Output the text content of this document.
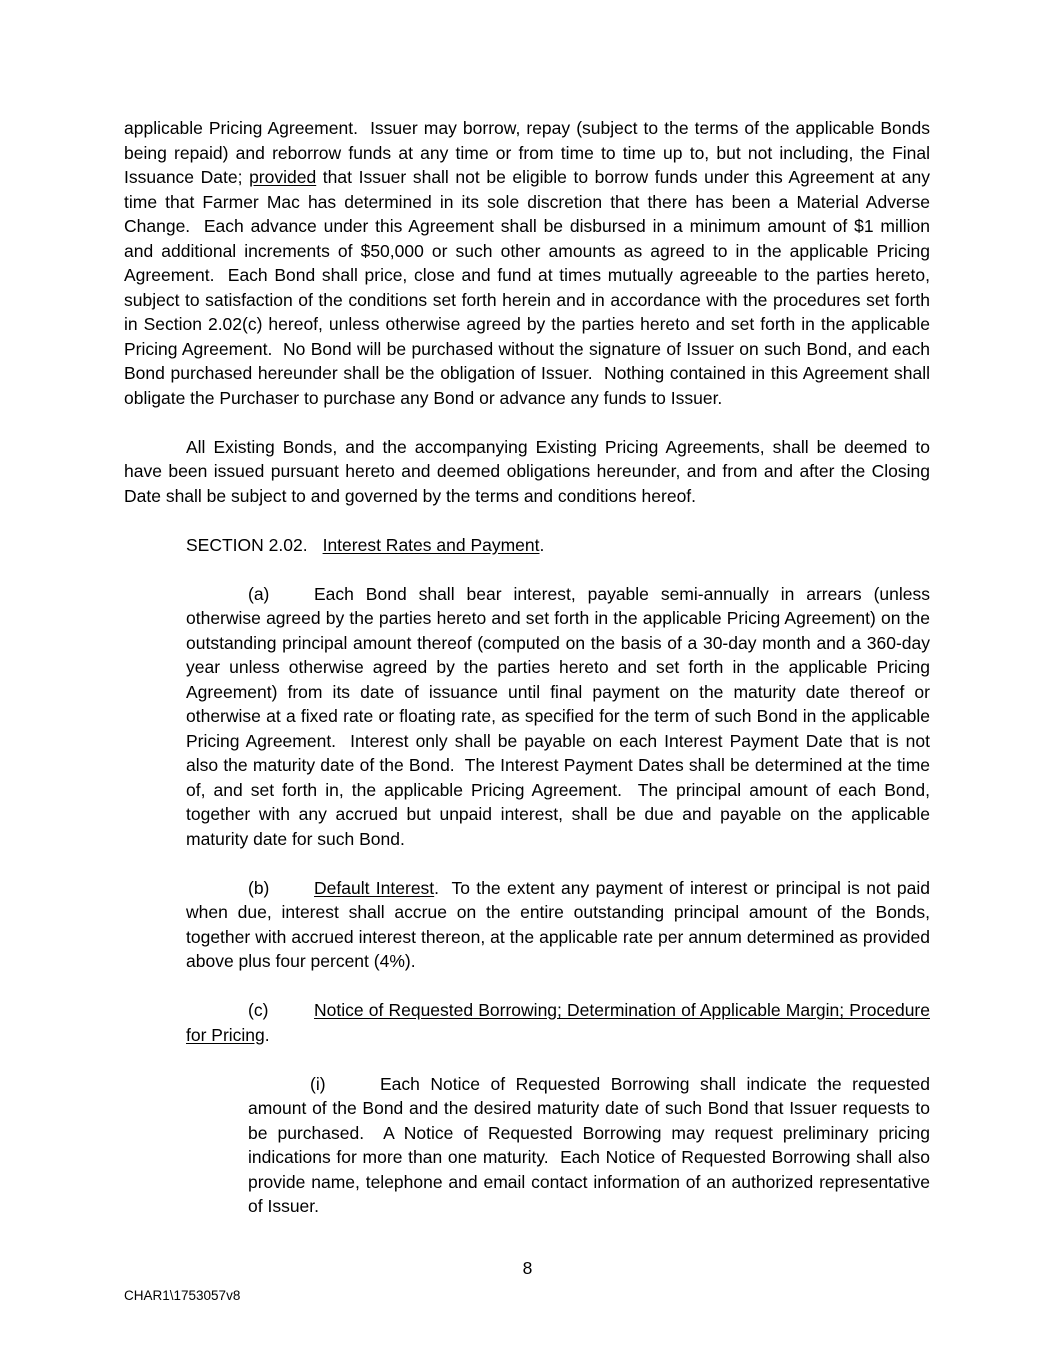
applicable Pricing Agreement.  Issuer may borrow, repay (subject to the terms of the applicable Bonds being repaid) and reborrow funds at any time or from time to time up to, but not including, the Final Issuance Date; provided that Issuer shall not be eligible to borrow funds under this Agreement at any time that Farmer Mac has determined in its sole discretion that there has been a Material Adverse Change.  Each advance under this Agreement shall be disbursed in a minimum amount of $1 million and additional increments of $50,000 or such other amounts as agreed to in the applicable Pricing Agreement.  Each Bond shall price, close and fund at times mutually agreeable to the parties hereto, subject to satisfaction of the conditions set forth herein and in accordance with the procedures set forth in Section 2.02(c) hereof, unless otherwise agreed by the parties hereto and set forth in the applicable Pricing Agreement.  No Bond will be purchased without the signature of Issuer on such Bond, and each Bond purchased hereunder shall be the obligation of Issuer.  Nothing contained in this Agreement shall obligate the Purchaser to purchase any Bond or advance any funds to Issuer.

All Existing Bonds, and the accompanying Existing Pricing Agreements, shall be deemed to have been issued pursuant hereto and deemed obligations hereunder, and from and after the Closing Date shall be subject to and governed by the terms and conditions hereof.

SECTION 2.02. Interest Rates and Payment.

(a)	Each Bond shall bear interest, payable semi-annually in arrears (unless otherwise agreed by the parties hereto and set forth in the applicable Pricing Agreement) on the outstanding principal amount thereof (computed on the basis of a 30-day month and a 360-day year unless otherwise agreed by the parties hereto and set forth in the applicable Pricing Agreement) from its date of issuance until final payment on the maturity date thereof or otherwise at a fixed rate or floating rate, as specified for the term of such Bond in the applicable Pricing Agreement.  Interest only shall be payable on each Interest Payment Date that is not also the maturity date of the Bond.  The Interest Payment Dates shall be determined at the time of, and set forth in, the applicable Pricing Agreement.  The principal amount of each Bond, together with any accrued but unpaid interest, shall be due and payable on the applicable maturity date for such Bond.

(b)	Default Interest.  To the extent any payment of interest or principal is not paid when due, interest shall accrue on the entire outstanding principal amount of the Bonds, together with accrued interest thereon, at the applicable rate per annum determined as provided above plus four percent (4%).

(c)	Notice of Requested Borrowing; Determination of Applicable Margin; Procedure for Pricing.

(i)	Each Notice of Requested Borrowing shall indicate the requested amount of the Bond and the desired maturity date of such Bond that Issuer requests to be purchased.  A Notice of Requested Borrowing may request preliminary pricing indications for more than one maturity.  Each Notice of Requested Borrowing shall also provide name, telephone and email contact information of an authorized representative of Issuer.

8
CHAR1\1753057v8
